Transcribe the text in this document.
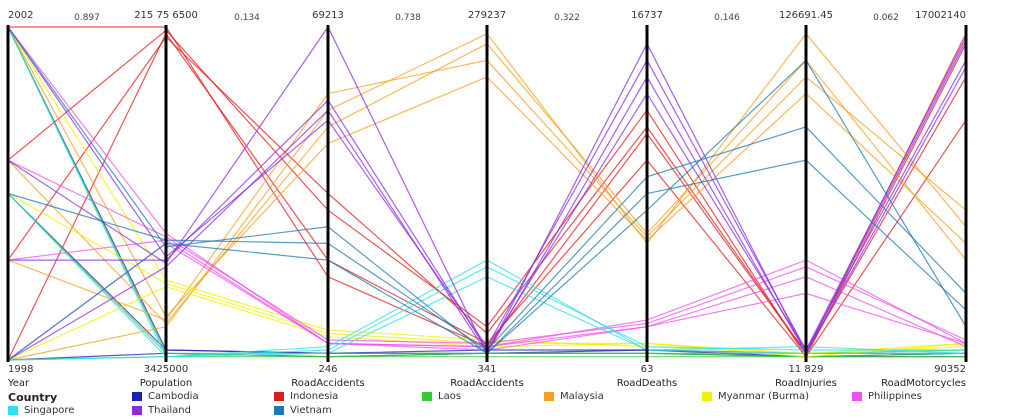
2002
1998
Year
215 75 6500
3425000
Population
69213
246
RoadAccidents
279237
341
RoadAccidents
16737
63
RoadDeaths
126691.45
11 829
RoadInjuries
17002140
90352
RoadMotorcycles
0.897	0.134	0.738	0.322	0.146	0.062
Country	Cambodia	Indonesia	Laos	Malaysia	Myanmar (Burma)	Philippines
Singapore	Thailand	Vietnam
